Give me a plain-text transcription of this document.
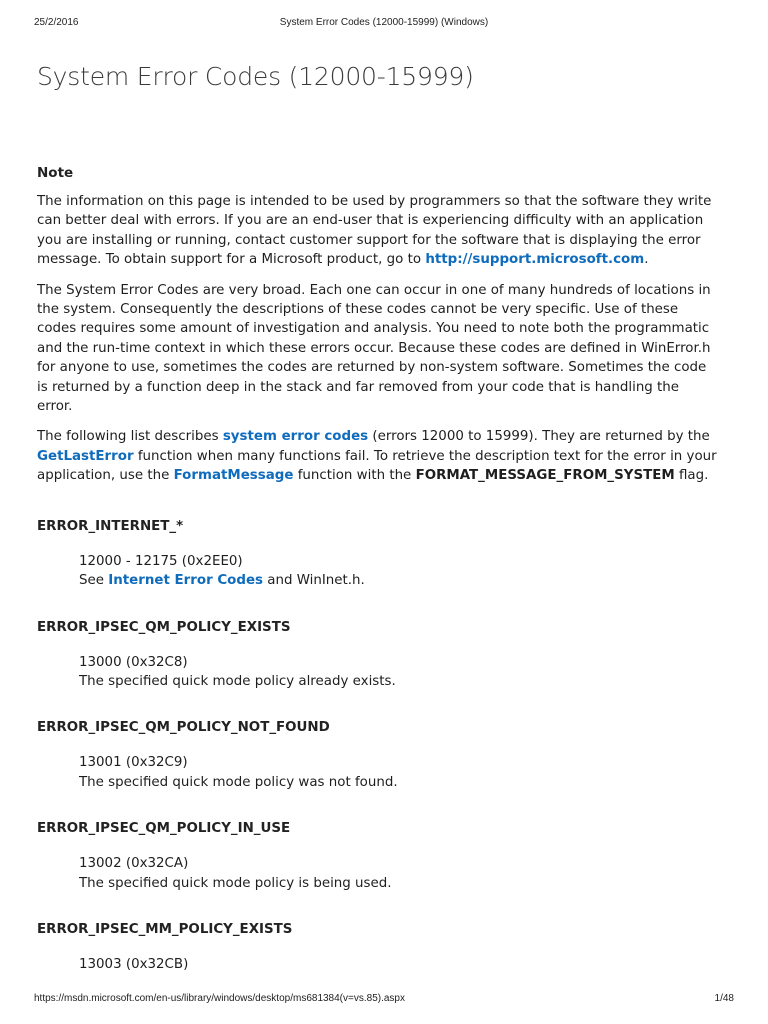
25/2/2016	System Error Codes (12000-15999) (Windows)
System Error Codes (12000-15999)
Note

The information on this page is intended to be used by programmers so that the software they write can better deal with errors. If you are an end-user that is experiencing difficulty with an application you are installing or running, contact customer support for the software that is displaying the error message. To obtain support for a Microsoft product, go to http://support.microsoft.com.

The System Error Codes are very broad. Each one can occur in one of many hundreds of locations in the system. Consequently the descriptions of these codes cannot be very specific. Use of these codes requires some amount of investigation and analysis. You need to note both the programmatic and the run-time context in which these errors occur. Because these codes are defined in WinError.h for anyone to use, sometimes the codes are returned by non-system software. Sometimes the code is returned by a function deep in the stack and far removed from your code that is handling the error.

The following list describes system error codes (errors 12000 to 15999). They are returned by the GetLastError function when many functions fail. To retrieve the description text for the error in your application, use the FormatMessage function with the FORMAT_MESSAGE_FROM_SYSTEM flag.

ERROR_INTERNET_*
12000 - 12175 (0x2EE0)
See Internet Error Codes and WinInet.h.
ERROR_IPSEC_QM_POLICY_EXISTS
13000 (0x32C8)
The specified quick mode policy already exists.
ERROR_IPSEC_QM_POLICY_NOT_FOUND
13001 (0x32C9)
The specified quick mode policy was not found.
ERROR_IPSEC_QM_POLICY_IN_USE
13002 (0x32CA)
The specified quick mode policy is being used.
ERROR_IPSEC_MM_POLICY_EXISTS
13003 (0x32CB)
https://msdn.microsoft.com/en-us/library/windows/desktop/ms681384(v=vs.85).aspx	1/48
